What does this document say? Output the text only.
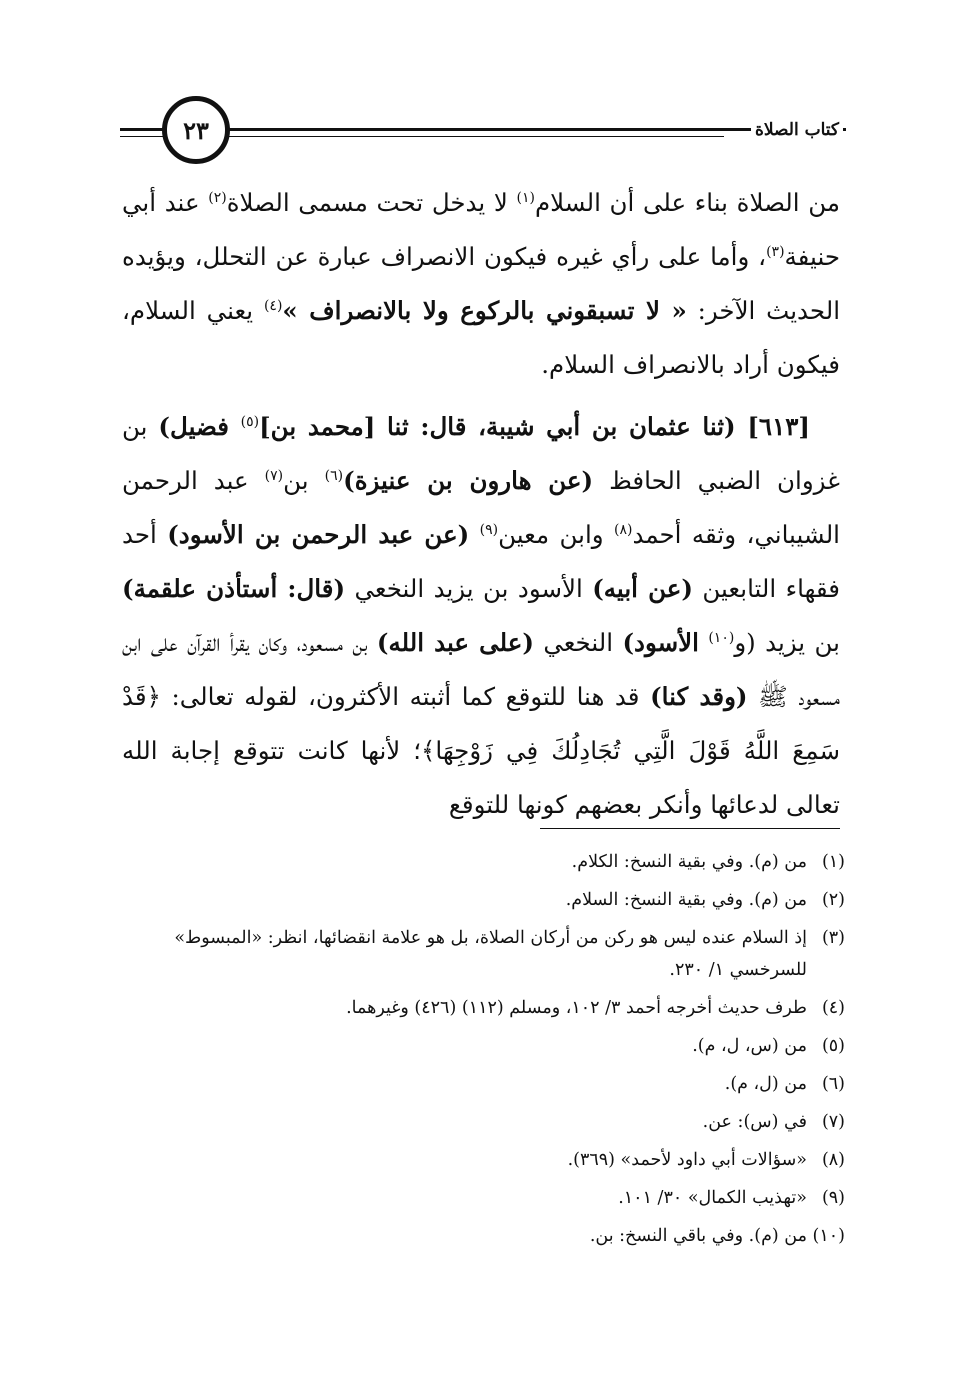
٢٣	كتاب الصلاة

من الصلاة بناء على أن السلام$^{(١)}$ لا يدخل تحت مسمى الصلاة$^{(٢)}$ عند أبي حنيفة$^{(٣)}$، وأما على رأي غيره فيكون الانصراف عبارة عن التحلل، ويؤيده الحديث الآخر: « لا تسبقوني بالركوع ولا بالانصراف »$^{(٤)}$ يعني السلام، فيكون أراد بالانصراف السلام.

[٦١٣] (ثنا عثمان بن أبي شيبة، قال: ثنا [محمد بن]$^{(٥)}$ فضيل) بن غزوان الضبي الحافظ (عن هارون بن عنيزة)$^{(٦)}$ بن$^{(٧)}$ عبد الرحمن الشيباني، وثقه أحمد$^{(٨)}$ وابن معين$^{(٩)}$ (عن عبد الرحمن بن الأسود) أحد فقهاء التابعين (عن أبيه) الأسود بن يزيد النخعي (قال: أستأذن علقمة) بن يزيد (و$^{(١٠)}$ الأسود) النخعي (على عبد الله) بن مسعود، وكان يقرأ القرآن على ابن مسعود ﷺ (وقد كنا) قد هنا للتوقع كما أثبته الأكثرون، لقوله تعالى: ﴿قَدْ سَمِعَ اللَّهُ قَوْلَ الَّتِي تُجَادِلُكَ فِي زَوْجِهَا﴾؛ لأنها كانت تتوقع إجابة الله تعالى لدعائها وأنكر بعضهم كونها للتوقع

(١)
من (م). وفي بقية النسخ: الكلام.
(٢)
من (م). وفي بقية النسخ: السلام.
(٣)
إذ السلام عنده ليس هو ركن من أركان الصلاة، بل هو علامة انقضائها، انظر: «المبسوط» للسرخسي ١/ ٢٣٠.
(٤)
طرف حديث أخرجه أحمد ٣/ ١٠٢، ومسلم (١١٢) (٤٢٦) وغيرهما.
(٥)
من (س، ل، م).
(٦)
من (ل، م).
(٧)
في (س): عن.
(٨)
«سؤالات أبي داود لأحمد» (٣٦٩).
(٩)
«تهذيب الكمال» ٣٠/ ١٠١.
(١٠)
من (م). وفي باقي النسخ: بن.
